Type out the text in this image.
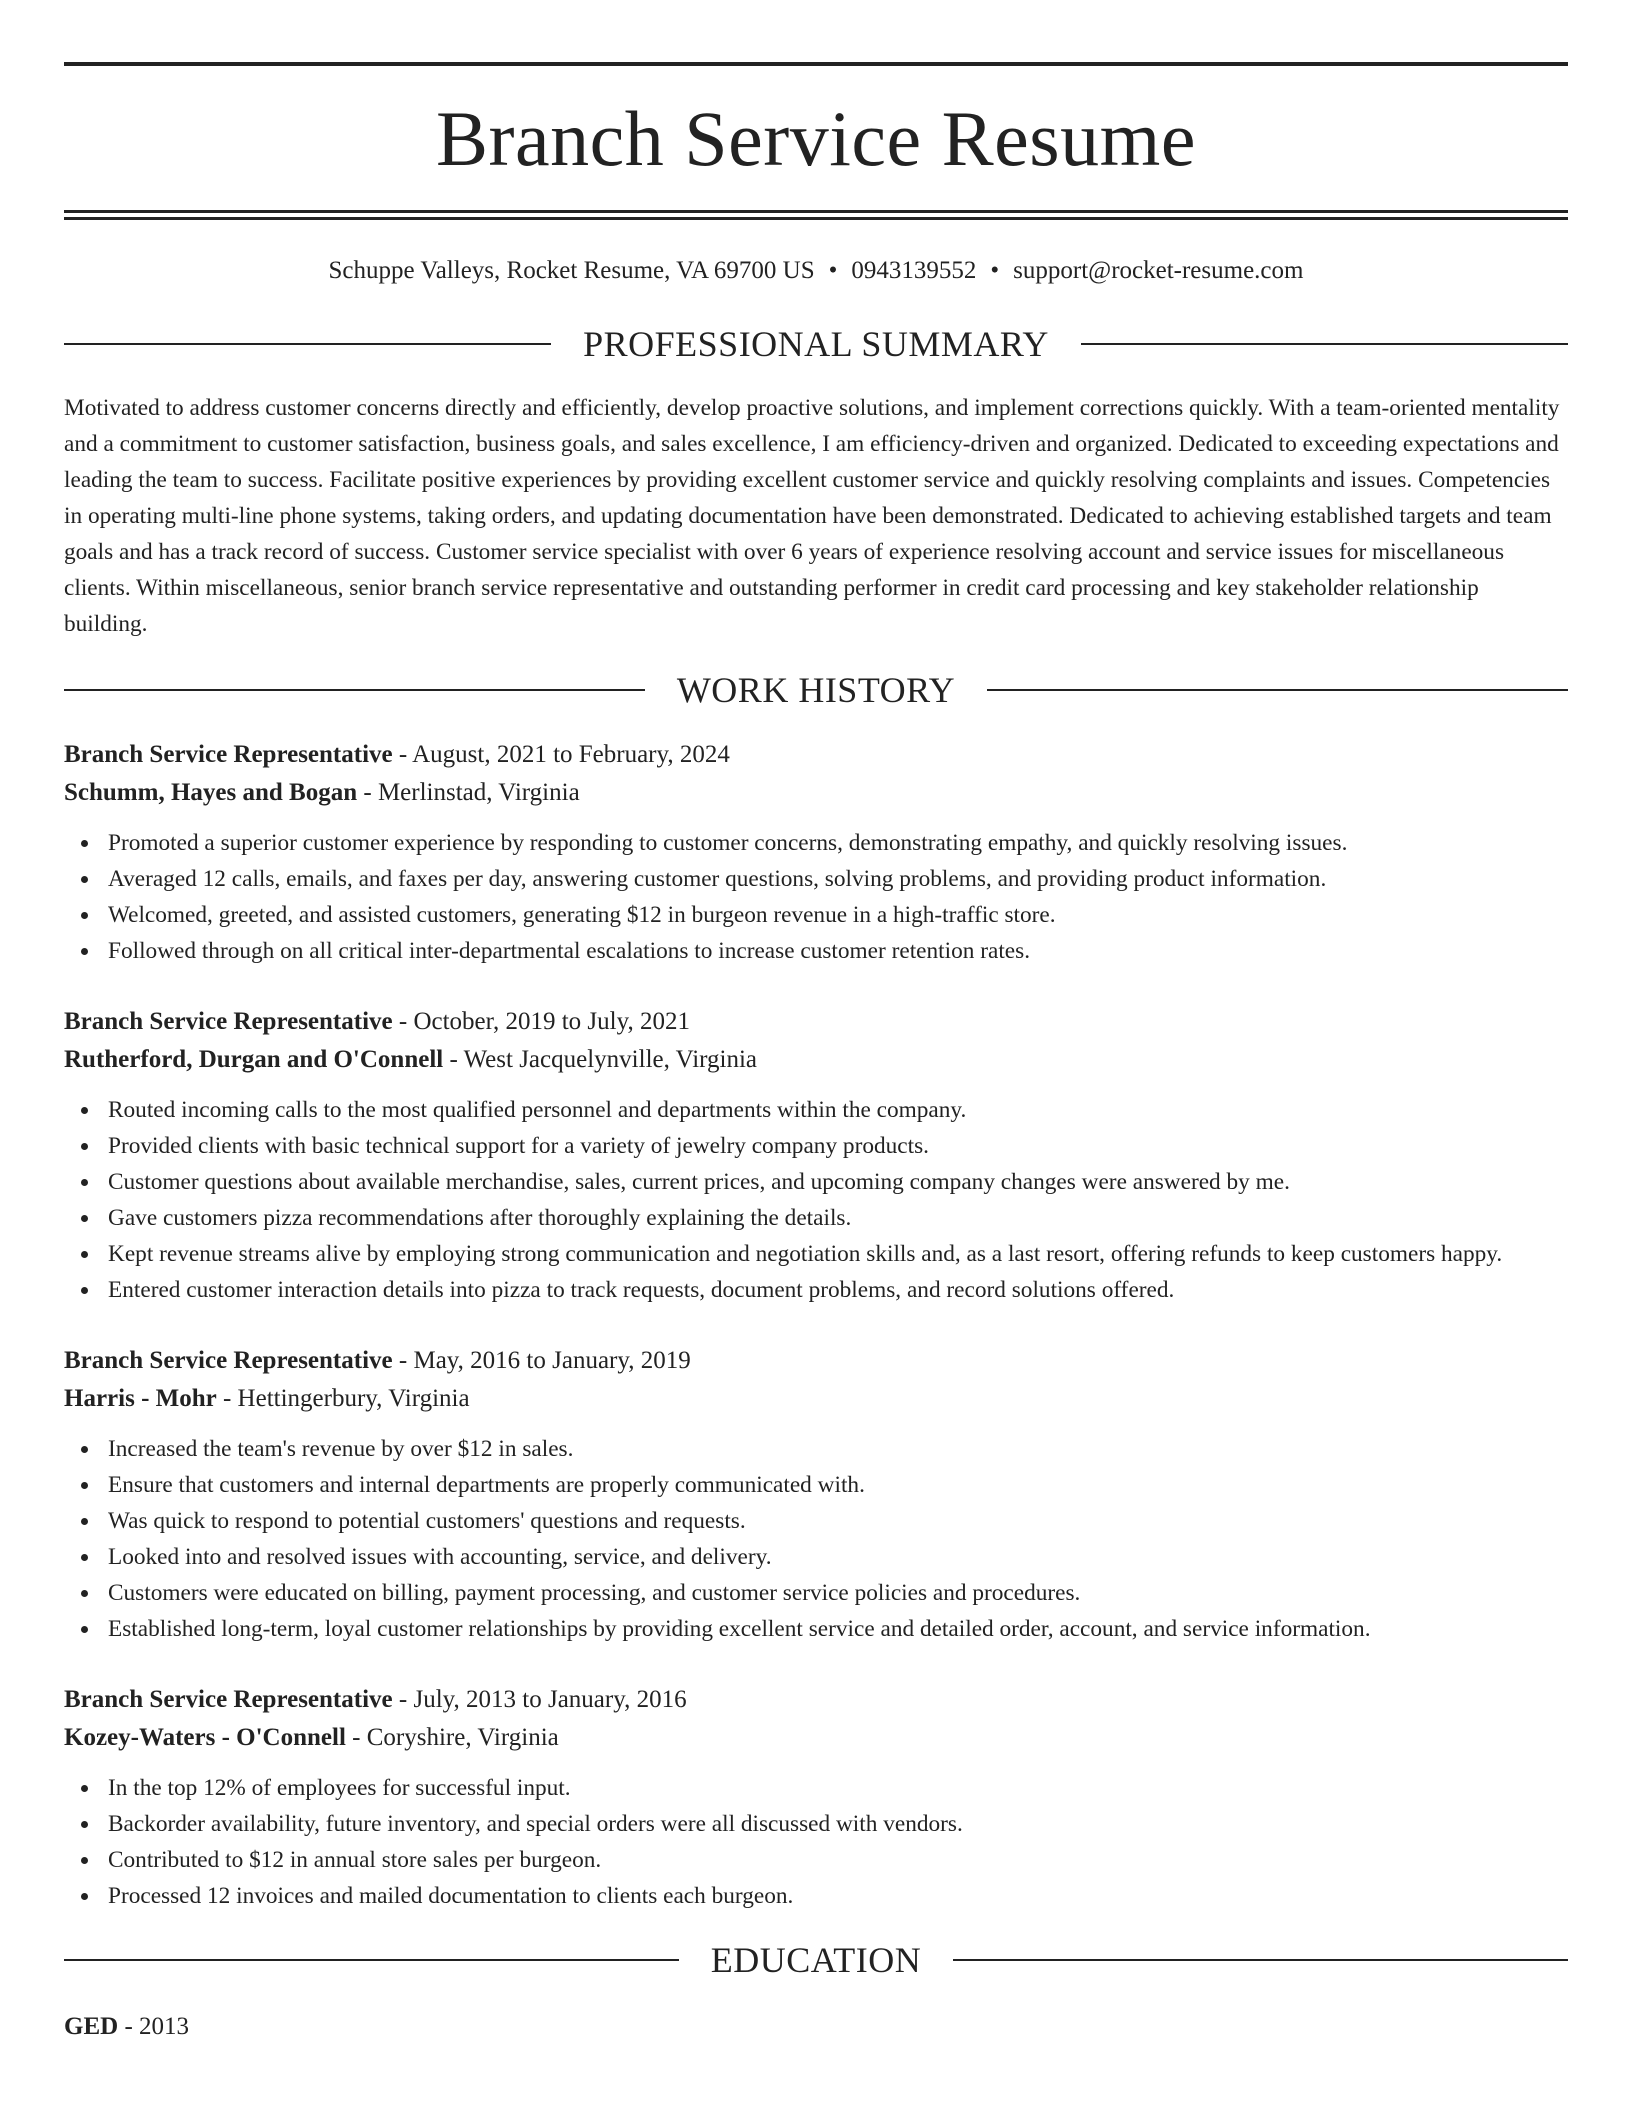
Branch Service Resume
Schuppe Valleys, Rocket Resume, VA 69700 US • 0943139552 • support@rocket-resume.com
PROFESSIONAL SUMMARY

Motivated to address customer concerns directly and efficiently, develop proactive solutions, and implement corrections quickly. With a team-oriented mentality and a commitment to customer satisfaction, business goals, and sales excellence, I am efficiency-driven and organized. Dedicated to exceeding expectations and leading the team to success. Facilitate positive experiences by providing excellent customer service and quickly resolving complaints and issues. Competencies in operating multi-line phone systems, taking orders, and updating documentation have been demonstrated. Dedicated to achieving established targets and team goals and has a track record of success. Customer service specialist with over 6 years of experience resolving account and service issues for miscellaneous clients. Within miscellaneous, senior branch service representative and outstanding performer in credit card processing and key stakeholder relationship building.

WORK HISTORY
Branch Service Representative - August, 2021 to February, 2024
Schumm, Hayes and Bogan - Merlinstad, Virginia
Promoted a superior customer experience by responding to customer concerns, demonstrating empathy, and quickly resolving issues.
Averaged 12 calls, emails, and faxes per day, answering customer questions, solving problems, and providing product information.
Welcomed, greeted, and assisted customers, generating $12 in burgeon revenue in a high-traffic store.
Followed through on all critical inter-departmental escalations to increase customer retention rates.
Branch Service Representative - October, 2019 to July, 2021
Rutherford, Durgan and O'Connell - West Jacquelynville, Virginia
Routed incoming calls to the most qualified personnel and departments within the company.
Provided clients with basic technical support for a variety of jewelry company products.
Customer questions about available merchandise, sales, current prices, and upcoming company changes were answered by me.
Gave customers pizza recommendations after thoroughly explaining the details.
Kept revenue streams alive by employing strong communication and negotiation skills and, as a last resort, offering refunds to keep customers happy.
Entered customer interaction details into pizza to track requests, document problems, and record solutions offered.
Branch Service Representative - May, 2016 to January, 2019
Harris - Mohr - Hettingerbury, Virginia
Increased the team's revenue by over $12 in sales.
Ensure that customers and internal departments are properly communicated with.
Was quick to respond to potential customers' questions and requests.
Looked into and resolved issues with accounting, service, and delivery.
Customers were educated on billing, payment processing, and customer service policies and procedures.
Established long-term, loyal customer relationships by providing excellent service and detailed order, account, and service information.
Branch Service Representative - July, 2013 to January, 2016
Kozey-Waters - O'Connell - Coryshire, Virginia
In the top 12% of employees for successful input.
Backorder availability, future inventory, and special orders were all discussed with vendors.
Contributed to $12 in annual store sales per burgeon.
Processed 12 invoices and mailed documentation to clients each burgeon.
EDUCATION
GED - 2013
